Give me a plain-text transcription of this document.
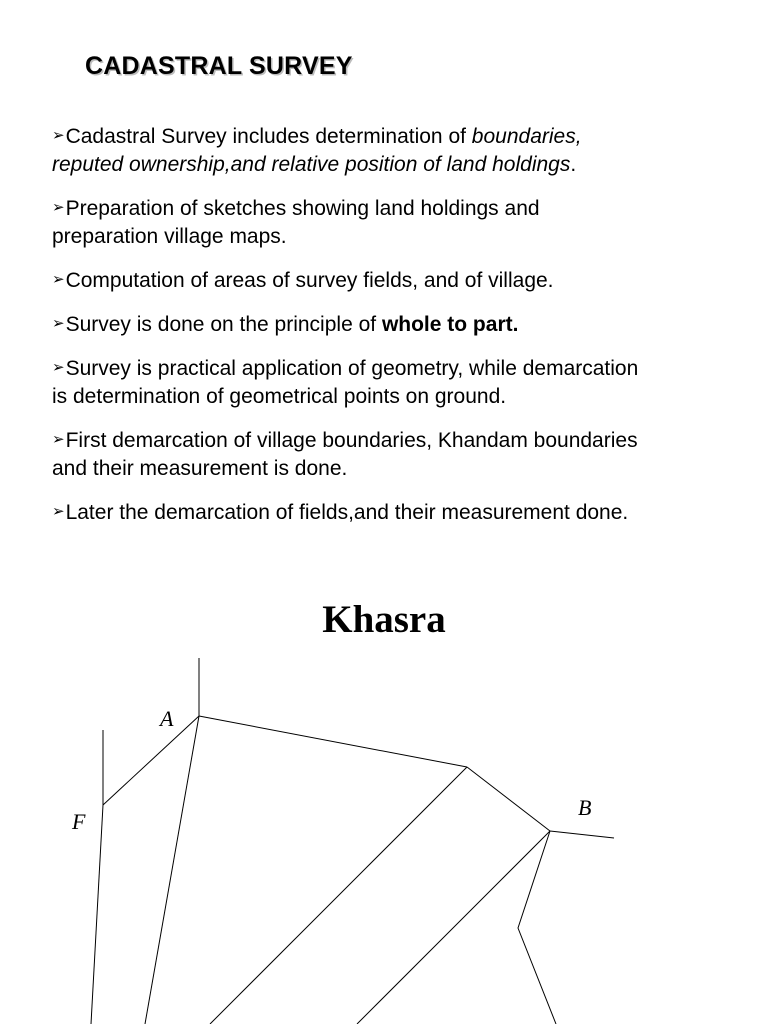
CADASTRAL SURVEY
➢Cadastral Survey includes determination of boundaries,
reputed ownership,and relative position of land holdings.
➢Preparation of sketches showing land holdings and
preparation village maps.
➢Computation of areas of survey fields, and of village.
➢Survey is done on the principle of whole to part.
➢Survey is practical application of geometry, while demarcation
is determination of geometrical points on ground.
➢First demarcation of village boundaries, Khandam boundaries
and their measurement is done.
➢Later the demarcation of fields,and their measurement done.
Khasra
A
B
F
